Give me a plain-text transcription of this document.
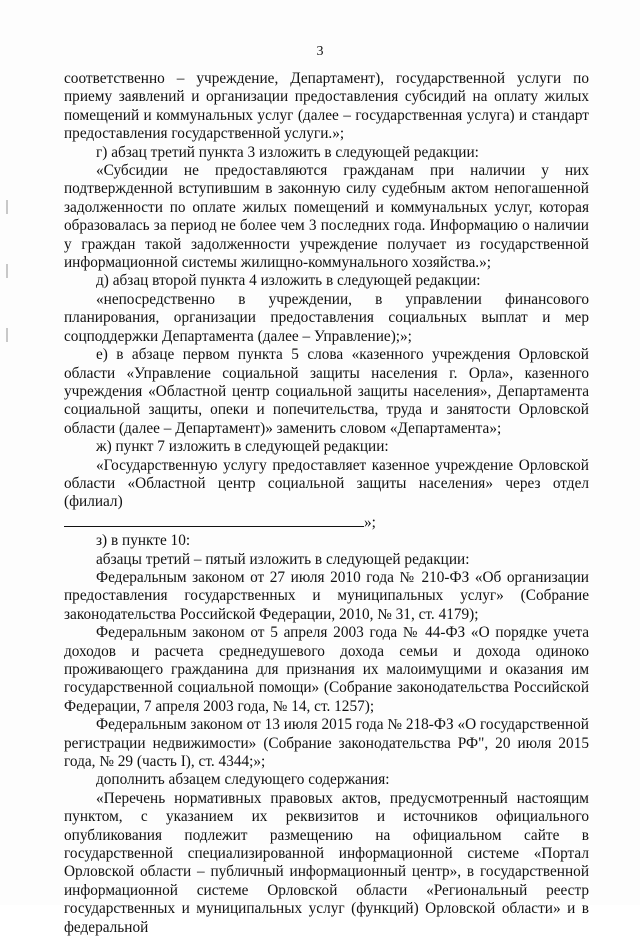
3

соответственно – учреждение, Департамент), государственной услуги по приему заявлений и организации предоставления субсидий на оплату жилых помещений и коммунальных услуг (далее – государственная услуга) и стандарт предоставления государственной услуги.»;

г) абзац третий пункта 3 изложить в следующей редакции:

«Субсидии не предоставляются гражданам при наличии у них подтвержденной вступившим в законную силу судебным актом непогашенной задолженности по оплате жилых помещений и коммунальных услуг, которая образовалась за период не более чем 3 последних года. Информацию о наличии у граждан такой задолженности учреждение получает из государственной информационной системы жилищно-коммунального хозяйства.»;

д) абзац второй пункта 4 изложить в следующей редакции:

«непосредственно в учреждении, в управлении финансового планирования, организации предоставления социальных выплат и мер соцподдержки Департамента (далее – Управление);»;

е) в абзаце первом пункта 5 слова «казенного учреждения Орловской области «Управление социальной защиты населения г. Орла», казенного учреждения «Областной центр социальной защиты населения», Департамента социальной защиты, опеки и попечительства, труда и занятости Орловской области (далее – Департамент)» заменить словом «Департамента»;

ж) пункт 7 изложить в следующей редакции:

«Государственную услугу предоставляет казенное учреждение Орловской области «Областной центр социальной защиты населения» через отдел (филиал)

»;

з) в пункте 10:

абзацы третий – пятый изложить в следующей редакции:

Федеральным законом от 27 июля 2010 года № 210-ФЗ «Об организации предоставления государственных и муниципальных услуг» (Собрание законодательства Российской Федерации, 2010, № 31, ст. 4179);

Федеральным законом от 5 апреля 2003 года № 44-ФЗ «О порядке учета доходов и расчета среднедушевого дохода семьи и дохода одиноко проживающего гражданина для признания их малоимущими и оказания им государственной социальной помощи» (Собрание законодательства Российской Федерации, 7 апреля 2003 года, № 14, ст. 1257);

Федеральным законом от 13 июля 2015 года № 218-ФЗ «О государственной регистрации недвижимости» (Собрание законодательства РФ", 20 июля 2015 года, № 29 (часть I), ст. 4344;»;

дополнить абзацем следующего содержания:

«Перечень нормативных правовых актов, предусмотренный настоящим пунктом, с указанием их реквизитов и источников официального опубликования подлежит размещению на официальном сайте в государственной специализированной информационной системе «Портал Орловской области – публичный информационный центр», в государственной информационной системе Орловской области «Региональный реестр государственных и муниципальных услуг (функций) Орловской области» и в федеральной
